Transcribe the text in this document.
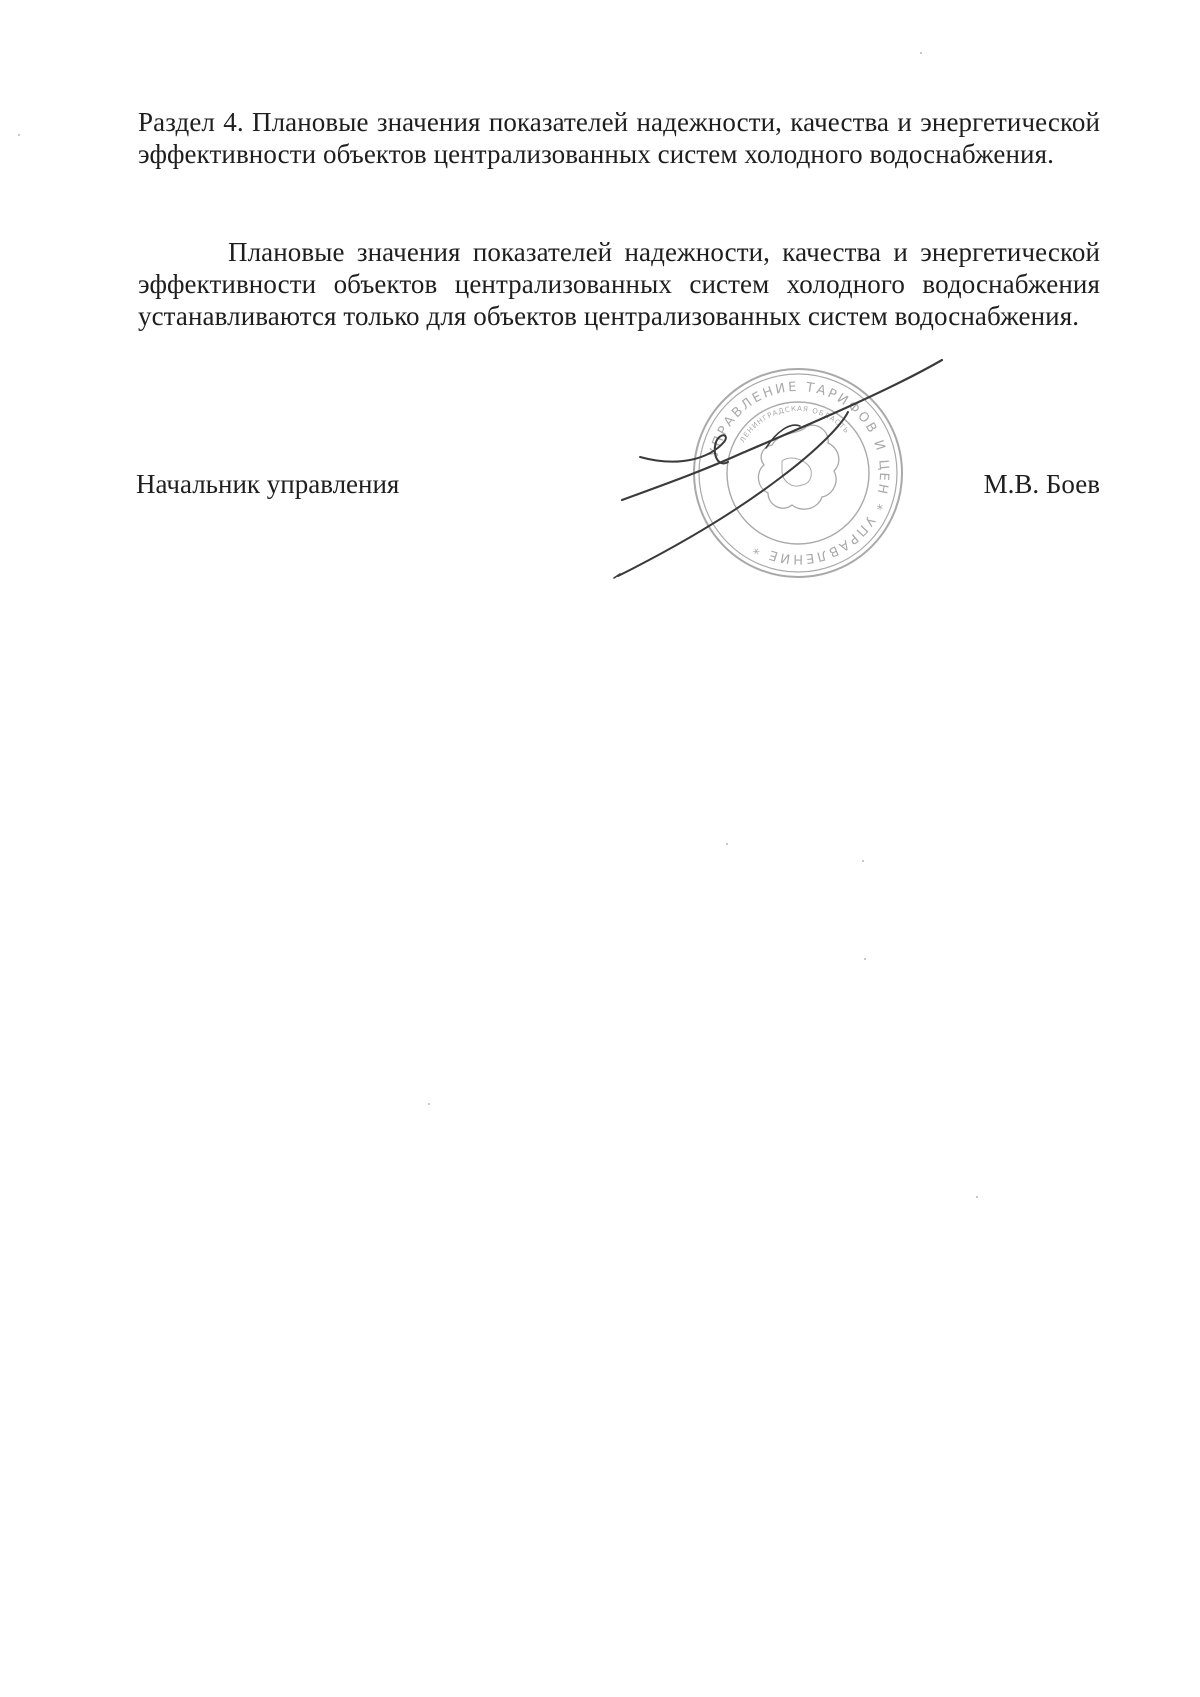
Раздел 4. Плановые значения показателей надежности, качества и энергетической эффективности объектов централизованных систем холодного водоснабжения.
Плановые значения показателей надежности, качества и энергетической эффективности объектов централизованных систем холодного водоснабжения устанавливаются только для объектов централизованных систем водоснабжения.
Начальник управления
УПРАВЛЕНИЕ ТАРИФОВ И ЦЕН * УПРАВЛЕНИЕ *
ЛЕНИНГРАДСКАЯ ОБЛАСТЬ
М.В. Боев
